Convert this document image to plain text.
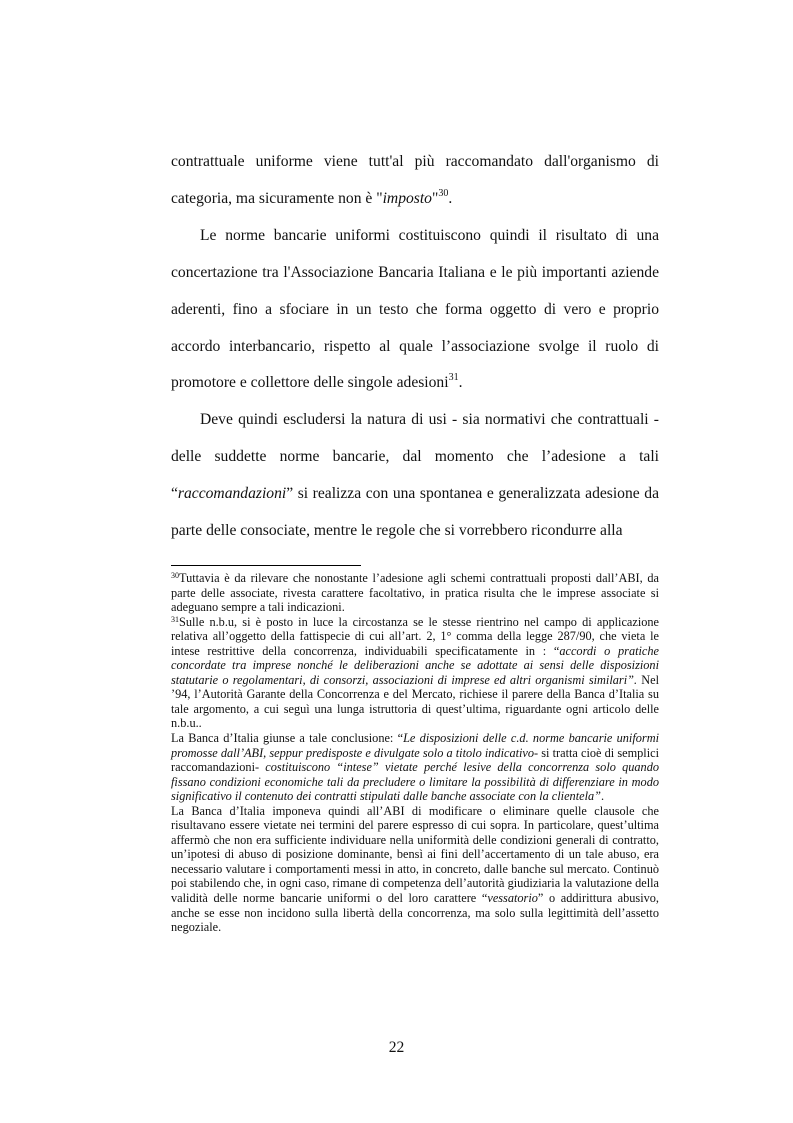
contrattuale uniforme viene tutt'al più raccomandato dall'organismo di categoria, ma sicuramente non è "imposto"$^{30}$.

Le norme bancarie uniformi costituiscono quindi il risultato di una concertazione tra l'Associazione Bancaria Italiana e le più importanti aziende aderenti, fino a sfociare in un testo che forma oggetto di vero e proprio accordo interbancario, rispetto al quale l’associazione svolge il ruolo di promotore e collettore delle singole adesioni$^{31}$.

Deve quindi escludersi la natura di usi - sia normativi che contrattuali - delle suddette norme bancarie, dal momento che l’adesione a tali “raccomandazioni” si realizza con una spontanea e generalizzata adesione da parte delle consociate, mentre le regole che si vorrebbero ricondurre alla

$^{30}$Tuttavia è da rilevare che nonostante l’adesione agli schemi contrattuali proposti dall’ABI, da parte delle associate, rivesta carattere facoltativo, in pratica risulta che le imprese associate si adeguano sempre a tali indicazioni.

$^{31}$Sulle n.b.u, si è posto in luce la circostanza se le stesse rientrino nel campo di applicazione relativa all’oggetto della fattispecie di cui all’art. 2, 1° comma della legge 287/90, che vieta le intese restrittive della concorrenza, individuabili specificatamente in : “accordi o pratiche concordate tra imprese nonché le deliberazioni anche se adottate ai sensi delle disposizioni statutarie o regolamentari, di consorzi, associazioni di imprese ed altri organismi similari”. Nel ’94, l’Autorità Garante della Concorrenza e del Mercato, richiese il parere della Banca d’Italia su tale argomento, a cui seguì una lunga istruttoria di quest’ultima, riguardante ogni articolo delle n.b.u..

La Banca d’Italia giunse a tale conclusione: “Le disposizioni delle c.d. norme bancarie uniformi promosse dall’ABI, seppur predisposte e divulgate solo a titolo indicativo- si tratta cioè di semplici raccomandazioni- costituiscono “intese” vietate perché lesive della concorrenza solo quando fissano condizioni economiche tali da precludere o limitare la possibilità di differenziare in modo significativo il contenuto dei contratti stipulati dalle banche associate con la clientela”.

La Banca d’Italia imponeva quindi all’ABI di modificare o eliminare quelle clausole che risultavano essere vietate nei termini del parere espresso di cui sopra. In particolare, quest’ultima affermò che non era sufficiente individuare nella uniformità delle condizioni generali di contratto, un’ipotesi di abuso di posizione dominante, bensì ai fini dell’accertamento di un tale abuso, era necessario valutare i comportamenti messi in atto, in concreto, dalle banche sul mercato. Continuò poi stabilendo che, in ogni caso, rimane di competenza dell’autorità giudiziaria la valutazione della validità delle norme bancarie uniformi o del loro carattere “vessatorio” o addirittura abusivo, anche se esse non incidono sulla libertà della concorrenza, ma solo sulla legittimità dell’assetto negoziale.

22
